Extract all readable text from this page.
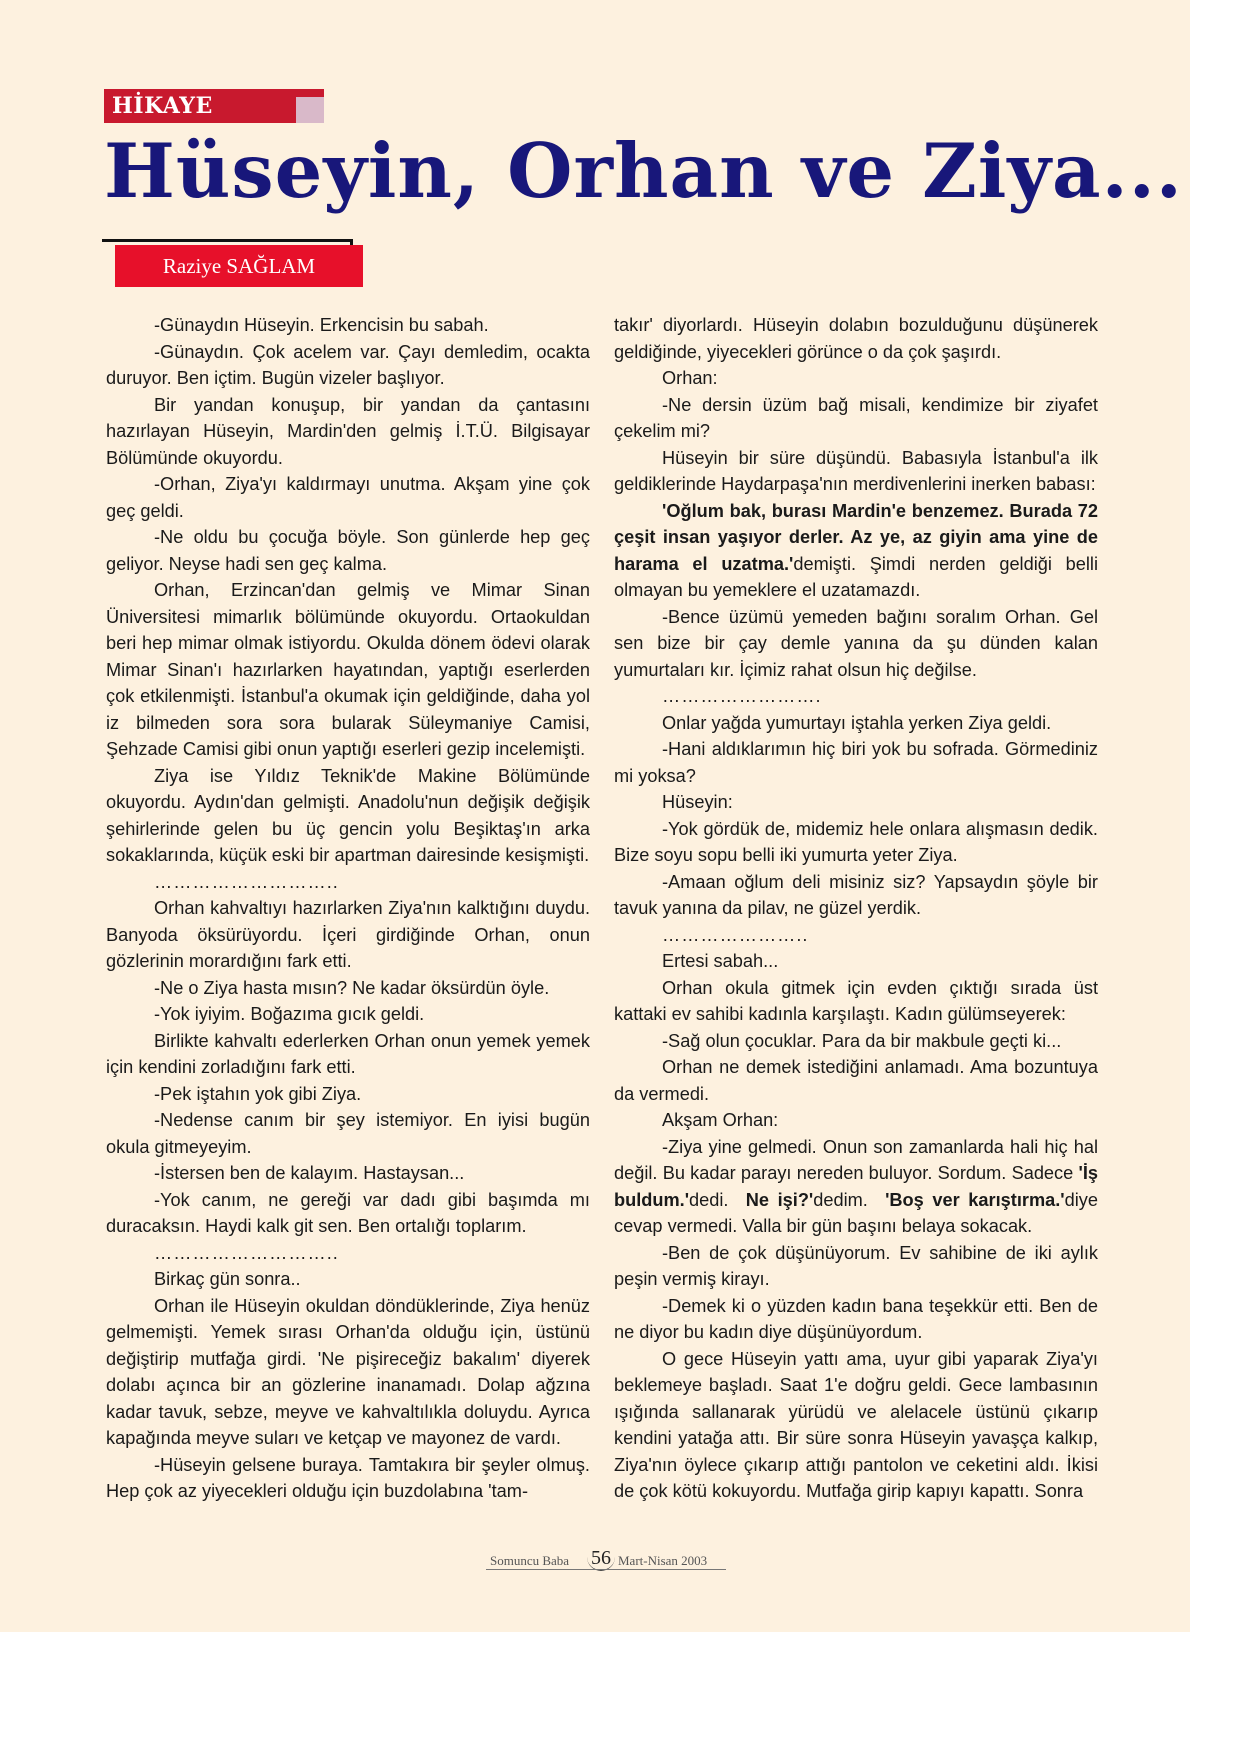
HİKAYE
Hüseyin, Orhan ve Ziya...
Raziye SAĞLAM

-Günaydın Hüseyin. Erkencisin bu sabah.

-Günaydın. Çok acelem var. Çayı demledim, ocakta duruyor. Ben içtim. Bugün vizeler başlıyor.

Bir yandan konuşup, bir yandan da çantasını hazırlayan Hüseyin, Mardin'den gelmiş İ.T.Ü. Bilgisayar Bölümünde okuyordu.

-Orhan, Ziya'yı kaldırmayı unutma. Akşam yine çok geç geldi.

-Ne oldu bu çocuğa böyle. Son günlerde hep geç geliyor. Neyse hadi sen geç kalma.

Orhan, Erzincan'dan gelmiş ve Mimar Sinan Üniversitesi mimarlık bölümünde okuyordu. Ortaokuldan beri hep mimar olmak istiyordu. Okulda dönem ödevi olarak Mimar Sinan'ı hazırlarken hayatından, yaptığı eserlerden çok etkilenmişti. İstanbul'a okumak için geldiğinde, daha yol iz bilmeden sora sora bularak Süleymaniye Camisi, Şehzade Camisi gibi onun yaptığı eserleri gezip incelemişti.

Ziya ise Yıldız Teknik'de Makine Bölümünde okuyordu. Aydın'dan gelmişti. Anadolu'nun değişik değişik şehirlerinde gelen bu üç gencin yolu Beşiktaş'ın arka sokaklarında, küçük eski bir apartman dairesinde kesişmişti.

………………………..

Orhan kahvaltıyı hazırlarken Ziya'nın kalktığını duydu. Banyoda öksürüyordu. İçeri girdiğinde Orhan, onun gözlerinin morardığını fark etti.

-Ne o Ziya hasta mısın? Ne kadar öksürdün öyle.

-Yok iyiyim. Boğazıma gıcık geldi.

Birlikte kahvaltı ederlerken Orhan onun yemek yemek için kendini zorladığını fark etti.

-Pek iştahın yok gibi Ziya.

-Nedense canım bir şey istemiyor. En iyisi bugün okula gitmeyeyim.

-İstersen ben de kalayım. Hastaysan...

-Yok canım, ne gereği var dadı gibi başımda mı duracaksın. Haydi kalk git sen. Ben ortalığı toplarım.

………………………..

Birkaç gün sonra..

Orhan ile Hüseyin okuldan döndüklerinde, Ziya henüz gelmemişti. Yemek sırası Orhan'da olduğu için, üstünü değiştirip mutfağa girdi. 'Ne pişireceğiz bakalım' diyerek dolabı açınca bir an gözlerine inanamadı. Dolap ağzına kadar tavuk, sebze, meyve ve kahvaltılıkla doluydu. Ayrıca kapağında meyve suları ve ketçap ve mayonez de vardı.

-Hüseyin gelsene buraya. Tamtakıra bir şeyler olmuş. Hep çok az yiyecekleri olduğu için buzdolabına 'tam-

takır' diyorlardı. Hüseyin dolabın bozulduğunu düşünerek geldiğinde, yiyecekleri görünce o da çok şaşırdı.

Orhan:

-Ne dersin üzüm bağ misali, kendimize bir ziyafet çekelim mi?

Hüseyin bir süre düşündü. Babasıyla İstanbul'a ilk geldiklerinde Haydarpaşa'nın merdivenlerini inerken babası:

'Oğlum bak, burası Mardin'e benzemez. Burada 72 çeşit insan yaşıyor derler. Az ye, az giyin ama yine de harama el uzatma.'demişti. Şimdi nerden geldiği belli olmayan bu yemeklere el uzatamazdı.

-Bence üzümü yemeden bağını soralım Orhan. Gel sen bize bir çay demle yanına da şu dünden kalan yumurtaları kır. İçimiz rahat olsun hiç değilse.

…………………….

Onlar yağda yumurtayı iştahla yerken Ziya geldi.

-Hani aldıklarımın hiç biri yok bu sofrada. Görmediniz mi yoksa?

Hüseyin:

-Yok gördük de, midemiz hele onlara alışmasın dedik. Bize soyu sopu belli iki yumurta yeter Ziya.

-Amaan oğlum deli misiniz siz? Yapsaydın şöyle bir tavuk yanına da pilav, ne güzel yerdik.

…………………..

Ertesi sabah...

Orhan okula gitmek için evden çıktığı sırada üst kattaki ev sahibi kadınla karşılaştı. Kadın gülümseyerek:

-Sağ olun çocuklar. Para da bir makbule geçti ki...

Orhan ne demek istediğini anlamadı. Ama bozuntuya da vermedi.

Akşam Orhan:

-Ziya yine gelmedi. Onun son zamanlarda hali hiç hal değil. Bu kadar parayı nereden buluyor. Sordum. Sadece 'İş buldum.'dedi. Ne işi?'dedim. 'Boş ver karıştırma.'diye cevap vermedi. Valla bir gün başını belaya sokacak.

-Ben de çok düşünüyorum. Ev sahibine de iki aylık peşin vermiş kirayı.

-Demek ki o yüzden kadın bana teşekkür etti. Ben de ne diyor bu kadın diye düşünüyordum.

O gece Hüseyin yattı ama, uyur gibi yaparak Ziya'yı beklemeye başladı. Saat 1'e doğru geldi. Gece lambasının ışığında sallanarak yürüdü ve alelacele üstünü çıkarıp kendini yatağa attı. Bir süre sonra Hüseyin yavaşça kalkıp, Ziya'nın öylece çıkarıp attığı pantolon ve ceketini aldı. İkisi de çok kötü kokuyordu. Mutfağa girip kapıyı kapattı. Sonra

Somuncu Baba 56 Mart-Nisan 2003
